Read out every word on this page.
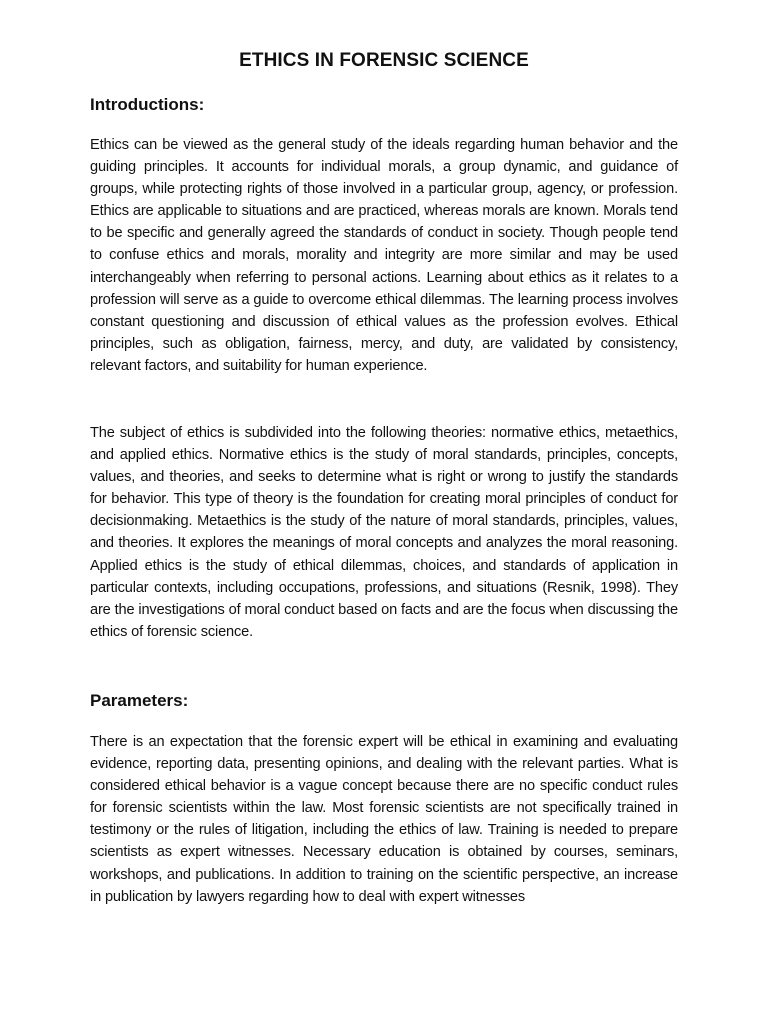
ETHICS IN FORENSIC SCIENCE
Introductions:

Ethics can be viewed as the general study of the ideals regarding human behavior and the guiding principles. It accounts for individual morals, a group dynamic, and guidance of groups, while protecting rights of those involved in a particular group, agency, or profession. Ethics are applicable to situations and are practiced, whereas morals are known. Morals tend to be specific and generally agreed the standards of conduct in society. Though people tend to confuse ethics and morals, morality and integrity are more similar and may be used interchangeably when referring to personal actions. Learning about ethics as it relates to a profession will serve as a guide to overcome ethical dilemmas. The learning process involves constant questioning and discussion of ethical values as the profession evolves. Ethical principles, such as obligation, fairness, mercy, and duty, are validated by consistency, relevant factors, and suitability for human experience.

The subject of ethics is subdivided into the following theories: normative ethics, metaethics, and applied ethics. Normative ethics is the study of moral standards, principles, concepts, values, and theories, and seeks to determine what is right or wrong to justify the standards for behavior. This type of theory is the foundation for creating moral principles of conduct for decisionmaking. Metaethics is the study of the nature of moral standards, principles, values, and theories. It explores the meanings of moral concepts and analyzes the moral reasoning. Applied ethics is the study of ethical dilemmas, choices, and standards of application in particular contexts, including occupations, professions, and situations (Resnik, 1998). They are the investigations of moral conduct based on facts and are the focus when discussing the ethics of forensic science.

Parameters:

There is an expectation that the forensic expert will be ethical in examining and evaluating evidence, reporting data, presenting opinions, and dealing with the relevant parties. What is considered ethical behavior is a vague concept because there are no specific conduct rules for forensic scientists within the law. Most forensic scientists are not specifically trained in testimony or the rules of litigation, including the ethics of law. Training is needed to prepare scientists as expert witnesses. Necessary education is obtained by courses, seminars, workshops, and publications. In addition to training on the scientific perspective, an increase in publication by lawyers regarding how to deal with expert witnesses
